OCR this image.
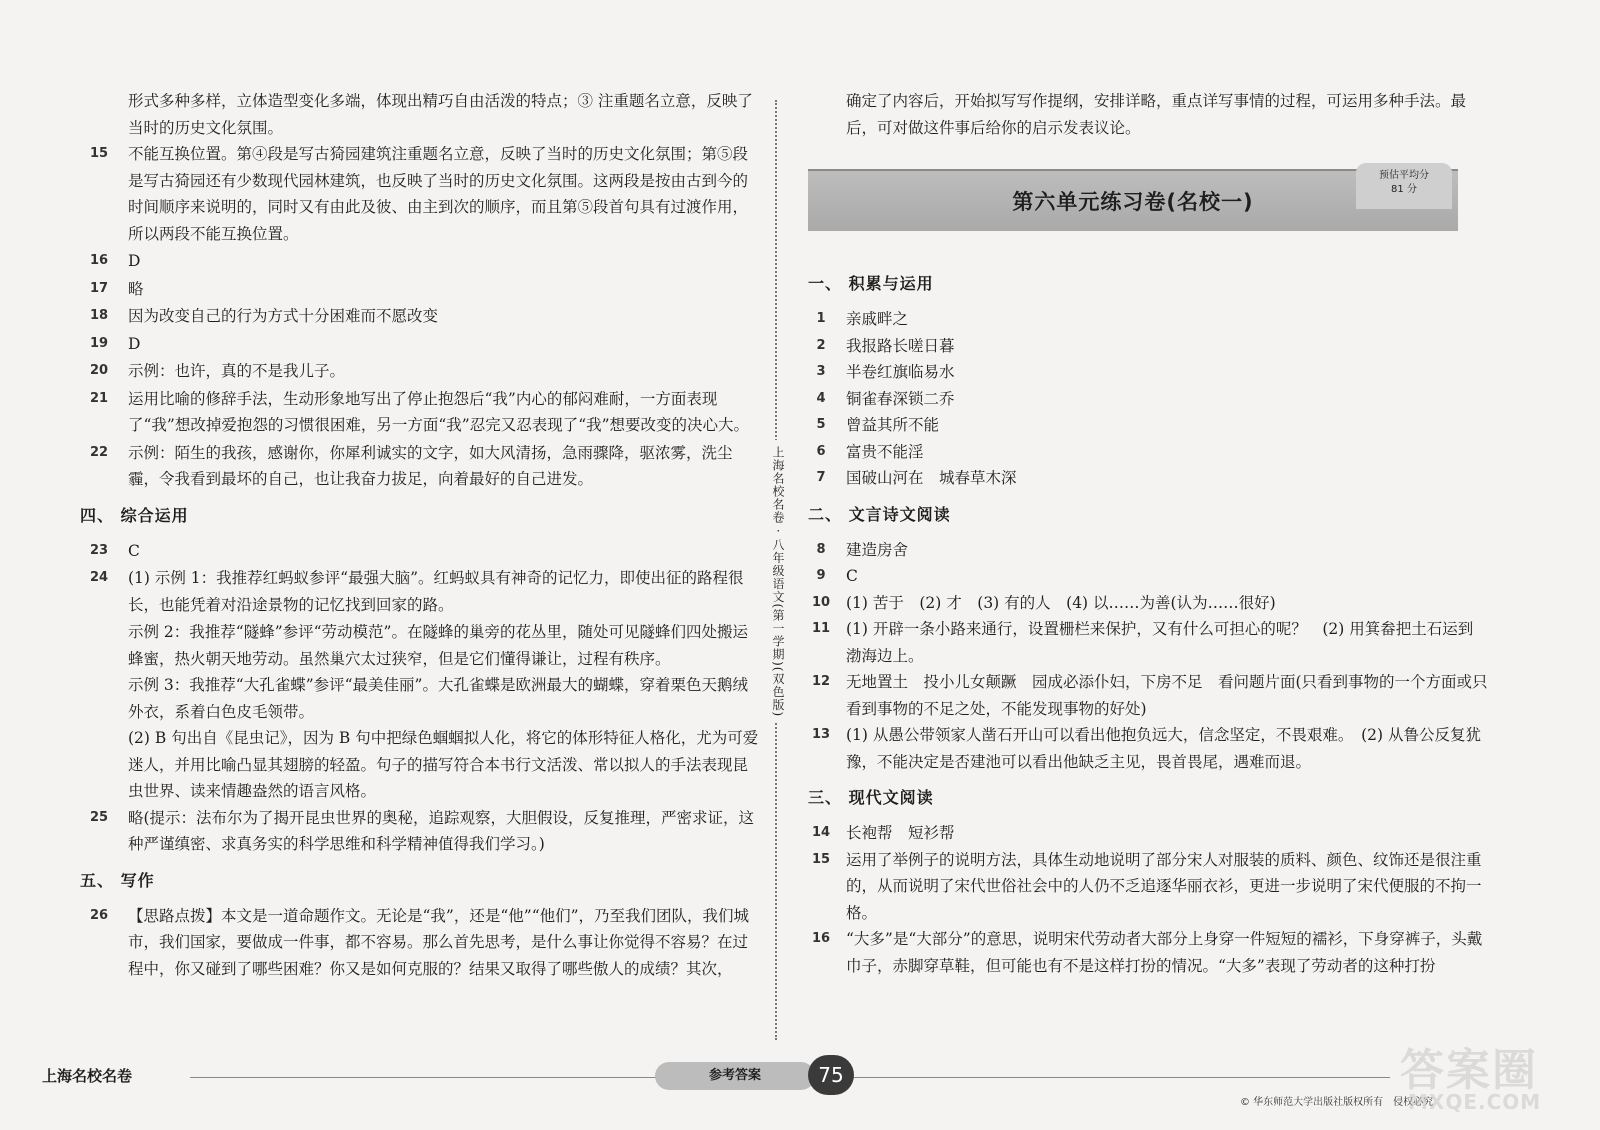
形式多种多样，立体造型变化多端，体现出精巧自由活泼的特点；③ 注重题名立意，反映了
当时的历史文化氛围。
15	不能互换位置。第④段是写古猗园建筑注重题名立意，反映了当时的历史文化氛围；第⑤段是写古猗园还有少数现代园林建筑，也反映了当时的历史文化氛围。这两段是按由古到今的时间顺序来说明的，同时又有由此及彼、由主到次的顺序，而且第⑤段首句具有过渡作用，所以两段不能互换位置。
16	D
17	略
18	因为改变自己的行为方式十分困难而不愿改变
19	D
20	示例：也许，真的不是我儿子。
21	运用比喻的修辞手法，生动形象地写出了停止抱怨后“我”内心的郁闷难耐，一方面表现了“我”想改掉爱抱怨的习惯很困难，另一方面“我”忍完又忍表现了“我”想要改变的决心大。
22	示例：陌生的我孩，感谢你，你犀利诚实的文字，如大风清扬，急雨骤降，驱浓雾，洗尘霾，令我看到最坏的自己，也让我奋力拔足，向着最好的自己进发。
四、 综合运用
23	C
24	(1) 示例 1：我推荐红蚂蚁参评“最强大脑”。红蚂蚁具有神奇的记忆力，即使出征的路程很长，也能凭着对沿途景物的记忆找到回家的路。
示例 2：我推荐“隧蜂”参评“劳动模范”。在隧蜂的巢旁的花丛里，随处可见隧蜂们四处搬运蜂蜜，热火朝天地劳动。虽然巢穴太过狭窄，但是它们懂得谦让，过程有秩序。
示例 3：我推荐“大孔雀蝶”参评“最美佳丽”。大孔雀蝶是欧洲最大的蝴蝶，穿着栗色天鹅绒外衣，系着白色皮毛领带。
(2) B 句出自《昆虫记》，因为 B 句中把绿色蝈蝈拟人化，将它的体形特征人格化，尤为可爱迷人，并用比喻凸显其翅膀的轻盈。句子的描写符合本书行文活泼、常以拟人的手法表现昆虫世界、读来情趣盎然的语言风格。
25	略(提示：法布尔为了揭开昆虫世界的奥秘，追踪观察，大胆假设，反复推理，严密求证，这种严谨缜密、求真务实的科学思维和科学精神值得我们学习。)
五、 写作
26	【思路点拨】本文是一道命题作文。无论是“我”，还是“他”“他们”，乃至我们团队，我们城市，我们国家，要做成一件事，都不容易。那么首先思考，是什么事让你觉得不容易？在过程中，你又碰到了哪些困难？你又是如何克服的？结果又取得了哪些傲人的成绩？其次，
上海名校名卷 · 八年级语文(第一学期)(双色版)
确定了内容后，开始拟写写作提纲，安排详略，重点详写事情的过程，可运用多种手法。最后，可对做这件事后给你的启示发表议论。
第六单元练习卷(名校一)
预估平均分
81 分
一、 积累与运用
1	亲戚畔之
2	我报路长嗟日暮
3	半卷红旗临易水
4	铜雀春深锁二乔
5	曾益其所不能
6	富贵不能淫
7	国破山河在　城春草木深
二、 文言诗文阅读
8	建造房舍
9	C
10 (1) 苦于　(2) 才　(3) 有的人　(4) 以……为善(认为……很好)
11 (1) 开辟一条小路来通行，设置栅栏来保护，又有什么可担心的呢？　(2) 用箕畚把土石运到渤海边上。
12 无地置土　投小儿女颠蹶　园成必添仆妇，下房不足　看问题片面(只看到事物的一个方面或只看到事物的不足之处，不能发现事物的好处)
13 (1) 从愚公带领家人凿石开山可以看出他抱负远大，信念坚定，不畏艰难。　(2) 从鲁公反复犹豫，不能决定是否建池可以看出他缺乏主见，畏首畏尾，遇难而退。
三、 现代文阅读
14 长袍帮　短衫帮
15 运用了举例子的说明方法，具体生动地说明了部分宋人对服装的质料、颜色、纹饰还是很注重的，从而说明了宋代世俗社会中的人仍不乏追逐华丽衣衫，更进一步说明了宋代便服的不拘一格。
16 “大多”是“大部分”的意思，说明宋代劳动者大部分上身穿一件短短的襦衫，下身穿裤子，头戴巾子，赤脚穿草鞋，但可能也有不是这样打扮的情况。“大多”表现了劳动者的这种打扮
上海名校名卷	参考答案	75
© 华东师范大学出版社版权所有　侵权必究
答案圈
MXQE.COM
